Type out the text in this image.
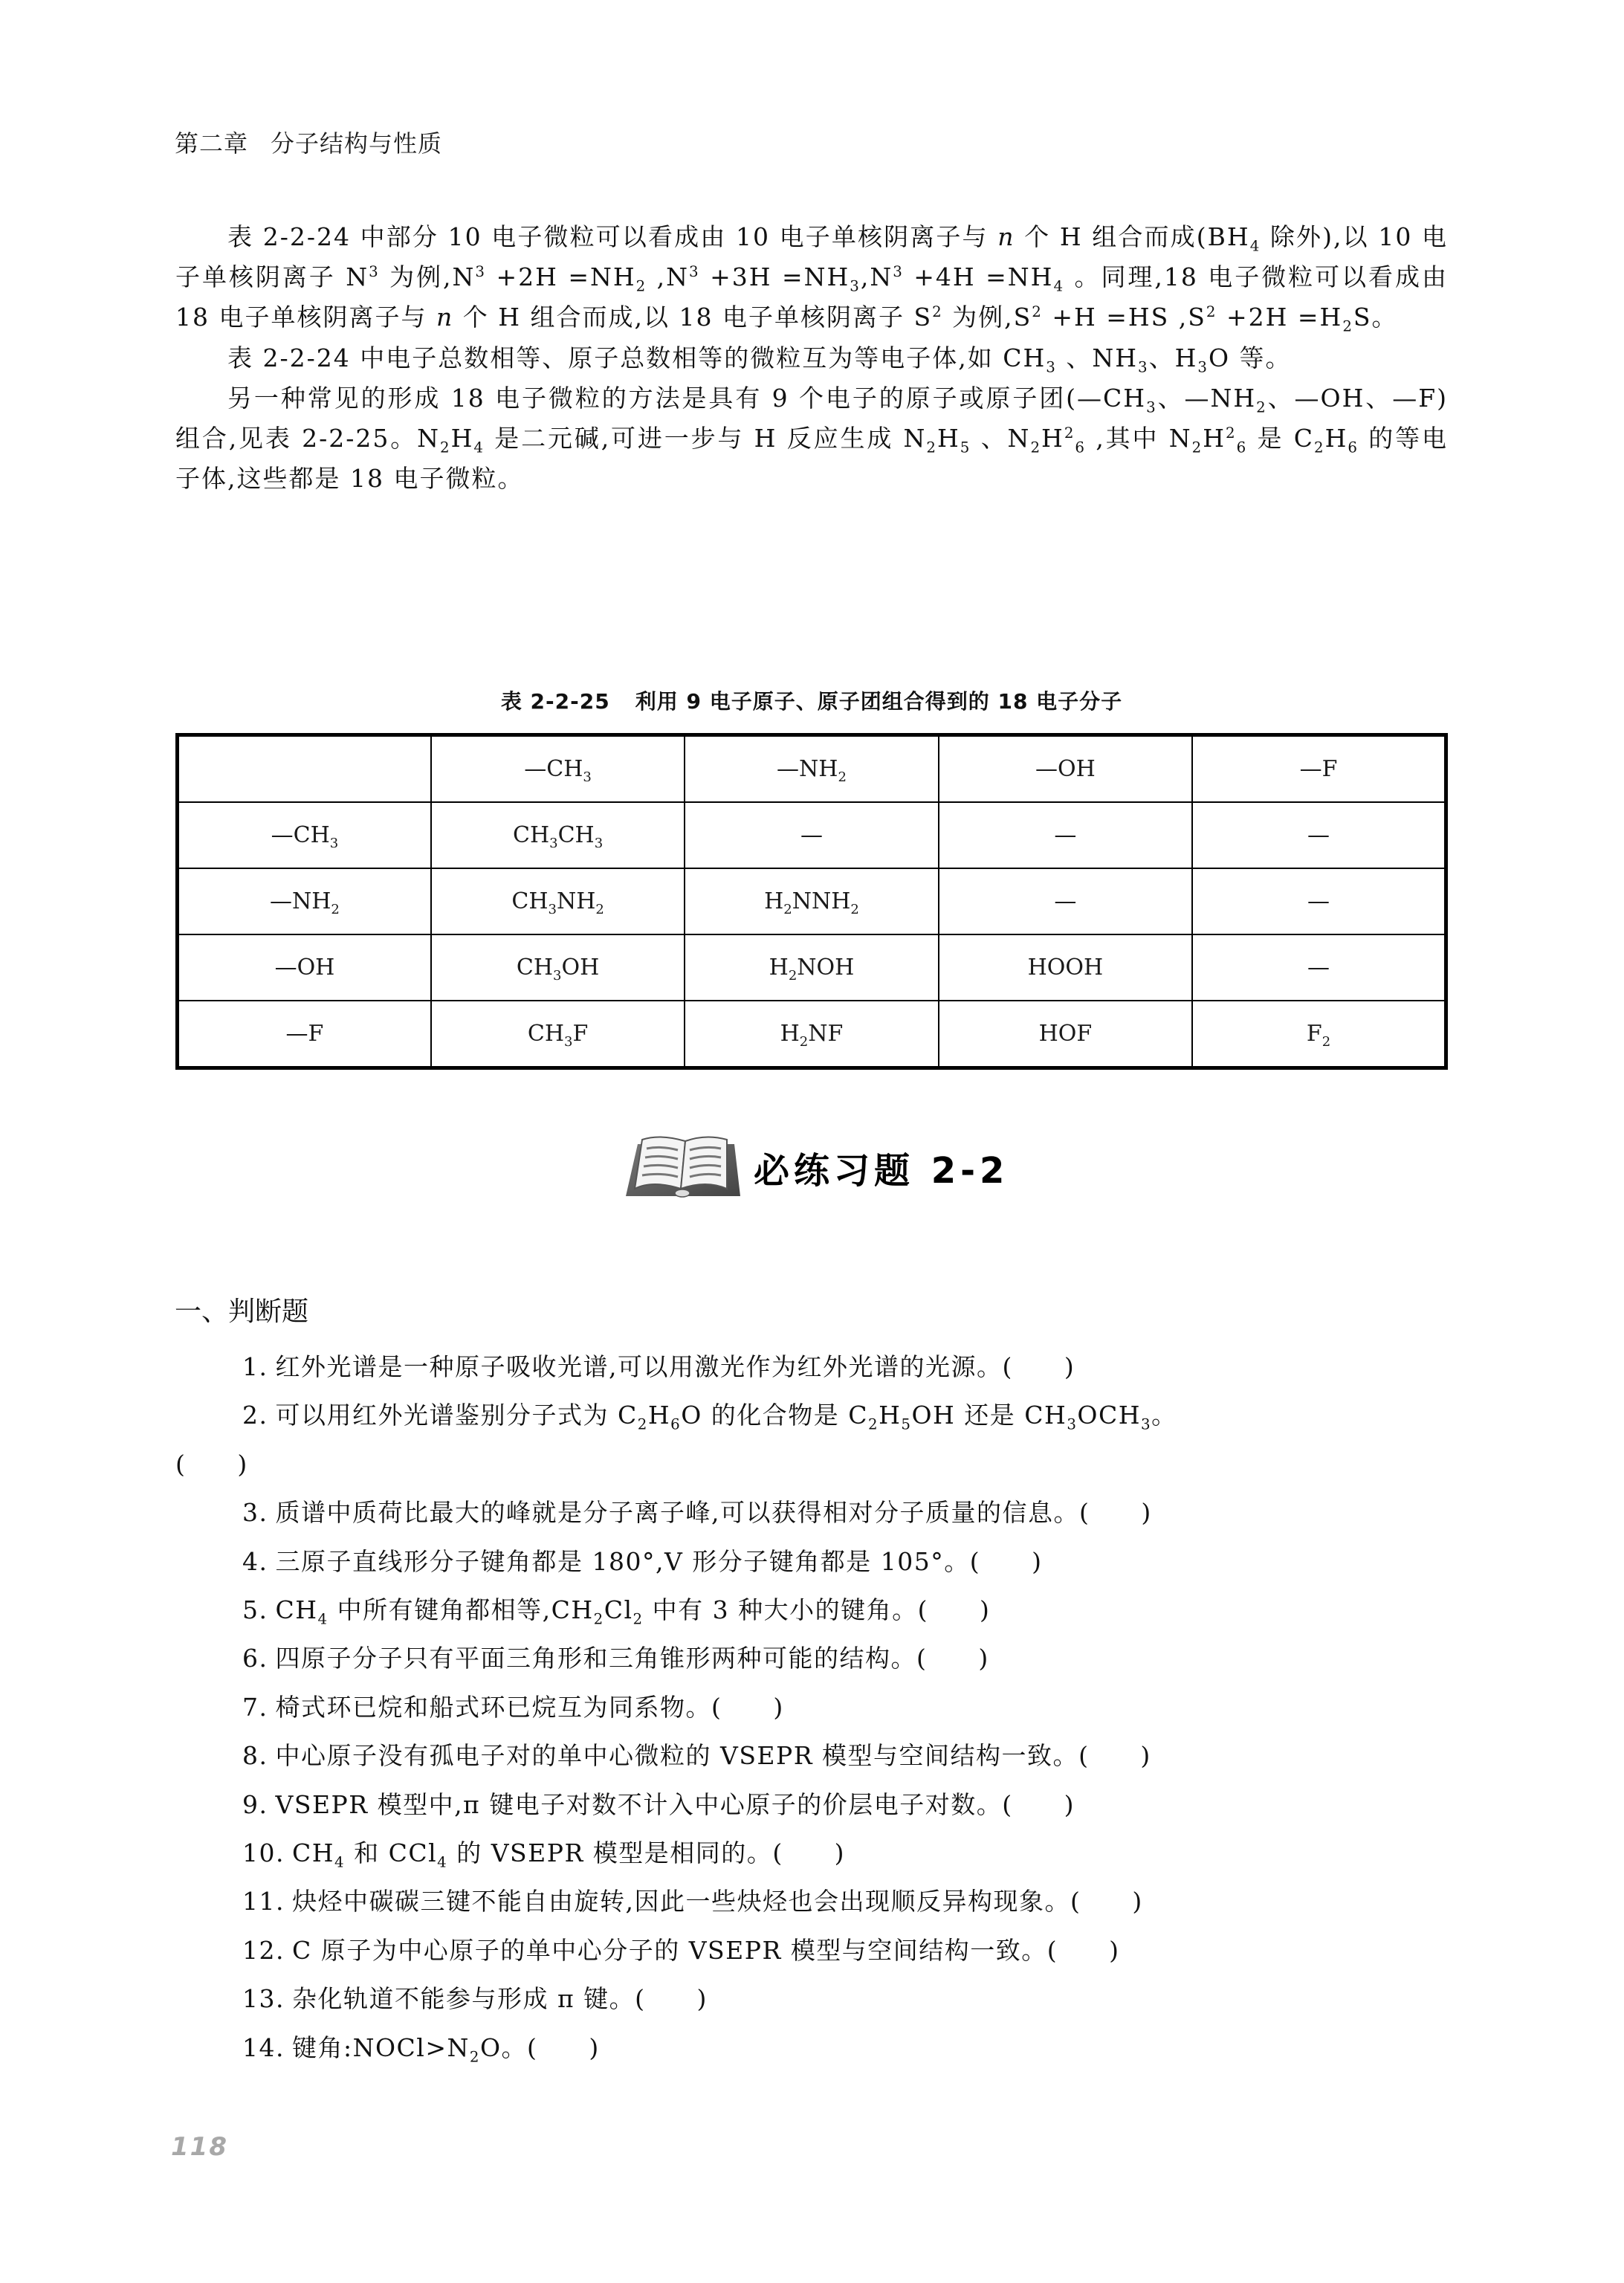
第二章 分子结构与性质

表 2-2-24 中部分 10 电子微粒可以看成由 10 电子单核阴离子与 n 个 H 组合而成($BH_4$ 除外),以 10 电子单核阴离子 $N^3$ 为例$,N^3 +2H =NH_2$ $,N^3 +3H =NH_3,N^3 +4H =NH_4$ 。同理,18 电子微粒可以看成由 18 电子单核阴离子与 n 个 H 组合而成,以 18 电子单核阴离子 $S^2$ 为例$,S^2 +H =HS$ $,S^2 +2H =H_2S$。

表 2-2-24 中电子总数相等、原子总数相等的微粒互为等电子体,如 $CH_3$ 、$NH_3$、$H_3O$ 等。

另一种常见的形成 18 电子微粒的方法是具有 9 个电子的原子或原子团($—CH_3$、$—NH_2$、—OH、—F)组合,见表 2-2-25。$N_2H_4$ 是二元碱,可进一步与 H 反应生成 $N_2H_5$ 、$N_2H^2_6$ ,其中 $N_2H^2_6$ 是 $C_2H_6$ 的等电子体,这些都是 18 电子微粒。

表 2-2-25 利用 9 电子原子、原子团组合得到的 18 电子分子
	$—CH_3$	$—NH_2$	—OH	—F
$—CH_3$	$CH_3CH_3$	—	—	—
$—NH_2$	$CH_3NH_2$	$H_2NNH_2$	—	—
—OH	$CH_3OH$	$H_2NOH$	HOOH	—
—F	$CH_3F$	$H_2NF$	HOF	$F_2$
必练习题 2-2
一、判断题
1. 红外光谱是一种原子吸收光谱,可以用激光作为红外光谱的光源。(　　)
2. 可以用红外光谱鉴别分子式为 $C_2H_6O$ 的化合物是 $C_2H_5OH$ 还是 $CH_3OCH_3$。
(　　)
3. 质谱中质荷比最大的峰就是分子离子峰,可以获得相对分子质量的信息。(　　)
4. 三原子直线形分子键角都是 180°,V 形分子键角都是 105°。(　　)
5. $CH_4$ 中所有键角都相等$,CH_2Cl_2$ 中有 3 种大小的键角。(　　)
6. 四原子分子只有平面三角形和三角锥形两种可能的结构。(　　)
7. 椅式环已烷和船式环已烷互为同系物。(　　)
8. 中心原子没有孤电子对的单中心微粒的 VSEPR 模型与空间结构一致。(　　)
9. VSEPR 模型中,π 键电子对数不计入中心原子的价层电子对数。(　　)
10. $CH_4$ 和 CCl$_4$ 的 VSEPR 模型是相同的。(　　)
11. 炔烃中碳碳三键不能自由旋转,因此一些炔烃也会出现顺反异构现象。(　　)
12. C 原子为中心原子的单中心分子的 VSEPR 模型与空间结构一致。(　　)
13. 杂化轨道不能参与形成 π 键。(　　)
14. 键角$:NOCl>N_2O$。(　　)
118
